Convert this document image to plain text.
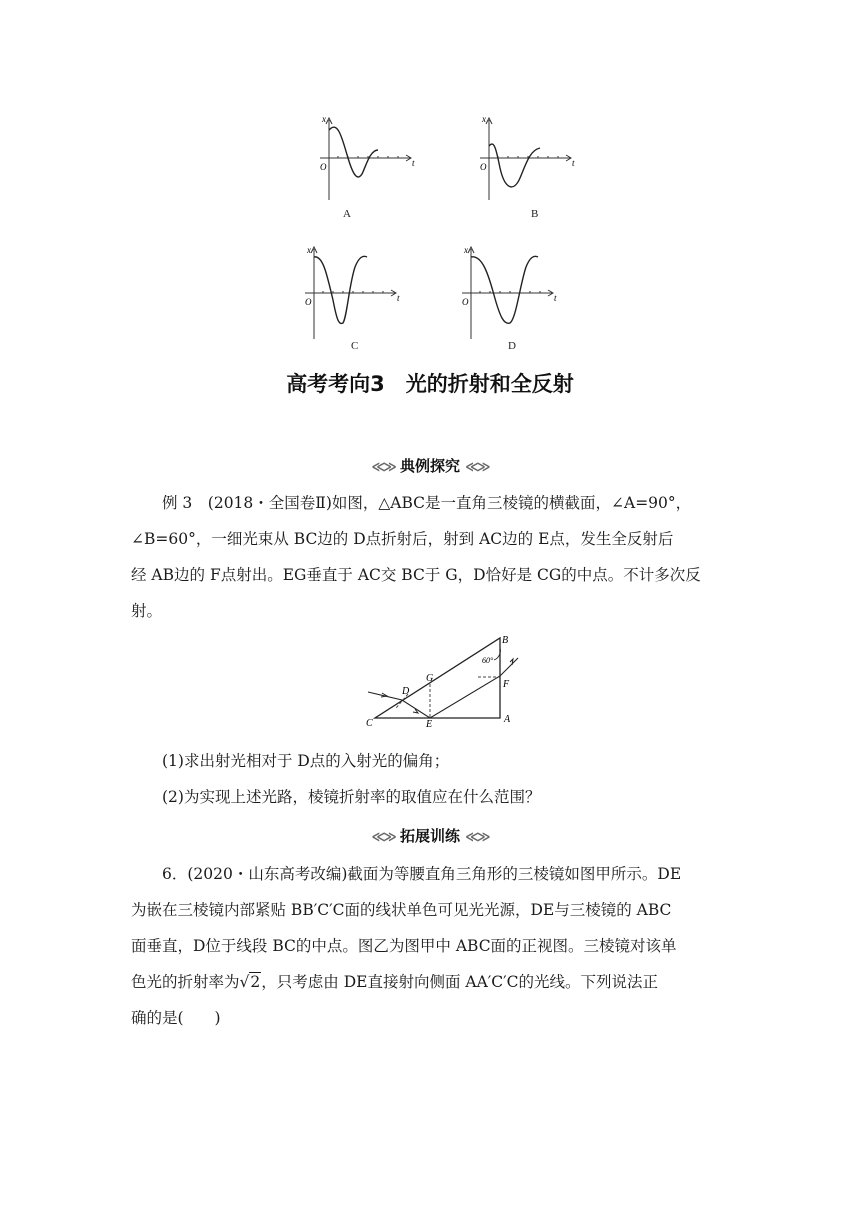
x
t
O
A
x
t
O
B
x
t
O
C
x
t
O
D
高考考向3　光的折射和全反射
≪≫ 典例探究 ≪≫

例 3　(2018・全国卷Ⅱ)如图，△ABC是一直角三棱镜的横截面，∠A=90°，

∠B=60°，一细光束从 BC边的 D点折射后，射到 AC边的 E点，发生全反射后

经 AB边的 F点射出。EG垂直于 AC交 BC于 G，D恰好是 CG的中点。不计多次反

射。

B
C	A
D
E
F
G
60°
(1)求出射光相对于 D点的入射光的偏角；
(2)为实现上述光路，棱镜折射率的取值应在什么范围？
≪≫ 拓展训练 ≪≫

6．(2020・山东高考改编)截面为等腰直角三角形的三棱镜如图甲所示。DE

为嵌在三棱镜内部紧贴 BB′C′C面的线状单色可见光光源，DE与三棱镜的 ABC

面垂直，D位于线段 BC的中点。图乙为图甲中 ABC面的正视图。三棱镜对该单

色光的折射率为√2，只考虑由 DE直接射向侧面 AA′C′C的光线。下列说法正

确的是(　　)
